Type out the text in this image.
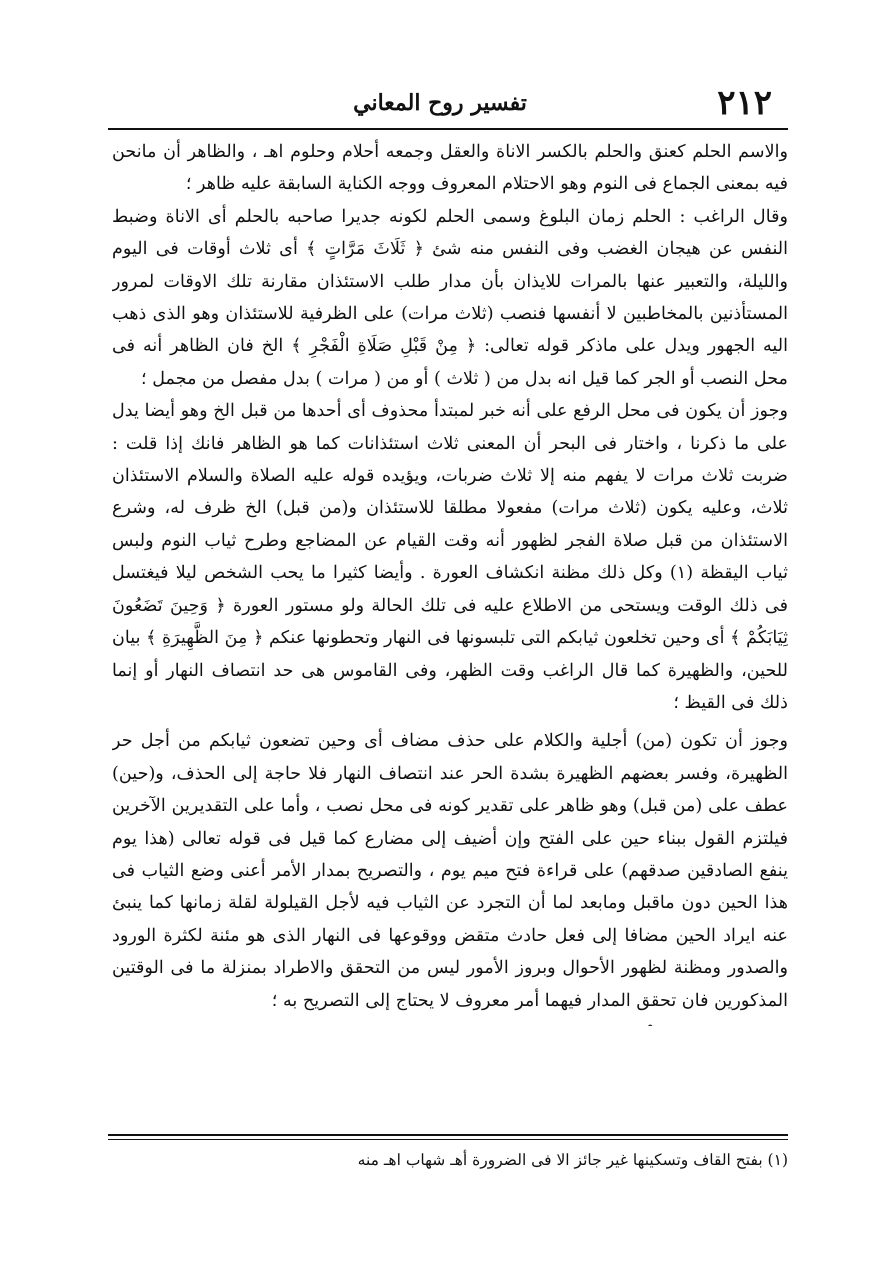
٢١٢
تفسير روح المعاني

والاسم الحلم كعنق والحلم بالكسر الاناة والعقل وجمعه أحلام وحلوم اهـ ، والظاهر أن مانحن فيه بمعنى الجماع فى النوم وهو الاحتلام المعروف ووجه الكناية السابقة عليه ظاهر ؛

وقال الراغب : الحلم زمان البلوغ وسمى الحلم لكونه جديرا صاحبه بالحلم أى الاناة وضبط النفس عن هيجان الغضب وفى النفس منه شئ ﴿ ثَلَاثَ مَرَّاتٍ ﴾ أى ثلاث أوقات فى اليوم والليلة، والتعبير عنها بالمرات للايذان بأن مدار طلب الاستئذان مقارنة تلك الاوقات لمرور المستأذنين بالمخاطبين لا أنفسها فنصب (ثلاث مرات) على الظرفية للاستئذان وهو الذى ذهب اليه الجهور ويدل على ماذكر قوله تعالى: ﴿ مِنْ قَبْلِ صَلَاةِ الْفَجْرِ ﴾ الخ فان الظاهر أنه فى محل النصب أو الجر كما قيل انه بدل من ( ثلاث ) أو من ( مرات ) بدل مفصل من مجمل ؛

وجوز أن يكون فى محل الرفع على أنه خبر لمبتدأ محذوف أى أحدها من قبل الخ وهو أيضا يدل على ما ذكرنا ، واختار فى البحر أن المعنى ثلاث استئذانات كما هو الظاهر فانك إذا قلت : ضربت ثلاث مرات لا يفهم منه إلا ثلاث ضربات، ويؤيده قوله عليه الصلاة والسلام الاستئذان ثلاث، وعليه يكون (ثلاث مرات) مفعولا مطلقا للاستئذان و(من قبل) الخ ظرف له، وشرع الاستئذان من قبل صلاة الفجر لظهور أنه وقت القيام عن المضاجع وطرح ثياب النوم ولبس ثياب اليقظة (١) وكل ذلك مظنة انكشاف العورة . وأيضا كثيرا ما يحب الشخص ليلا فيغتسل فى ذلك الوقت ويستحى من الاطلاع عليه فى تلك الحالة ولو مستور العورة ﴿ وَحِينَ تَضَعُونَ ثِيَابَكُمْ ﴾ أى وحين تخلعون ثيابكم التى تلبسونها فى النهار وتحطونها عنكم ﴿ مِنَ الظَّهِيرَةِ ﴾ بيان للحين، والظهيرة كما قال الراغب وقت الظهر، وفى القاموس هى حد انتصاف النهار أو إنما ذلك فى القيظ ؛

وجوز أن تكون (من) أجلية والكلام على حذف مضاف أى وحين تضعون ثيابكم من أجل حر الظهيرة، وفسر بعضهم الظهيرة بشدة الحر عند انتصاف النهار فلا حاجة إلى الحذف، و(حين) عطف على (من قبل) وهو ظاهر على تقدير كونه فى محل نصب ، وأما على التقديرين الآخرين فيلتزم القول ببناء حين على الفتح وإن أضيف إلى مضارع كما قيل فى قوله تعالى (هذا يوم ينفع الصادقين صدقهم) على قراءة فتح ميم يوم ، والتصريح بمدار الأمر أعنى وضع الثياب فى هذا الحين دون ماقبل ومابعد لما أن التجرد عن الثياب فيه لأجل القيلولة لقلة زمانها كما ينبئ عنه ايراد الحين مضافا إلى فعل حادث متقض ووقوعها فى النهار الذى هو مئنة لكثرة الورود والصدور ومظنة لظهور الأحوال وبروز الأمور ليس من التحقق والاطراد بمنزلة ما فى الوقتين المذكورين فان تحقق المدار فيهما أمر معروف لا يحتاج إلى التصريح به ؛

(١) بفتح القاف وتسكينها غير جائز الا فى الضرورة أهـ شهاب اهـ منه
